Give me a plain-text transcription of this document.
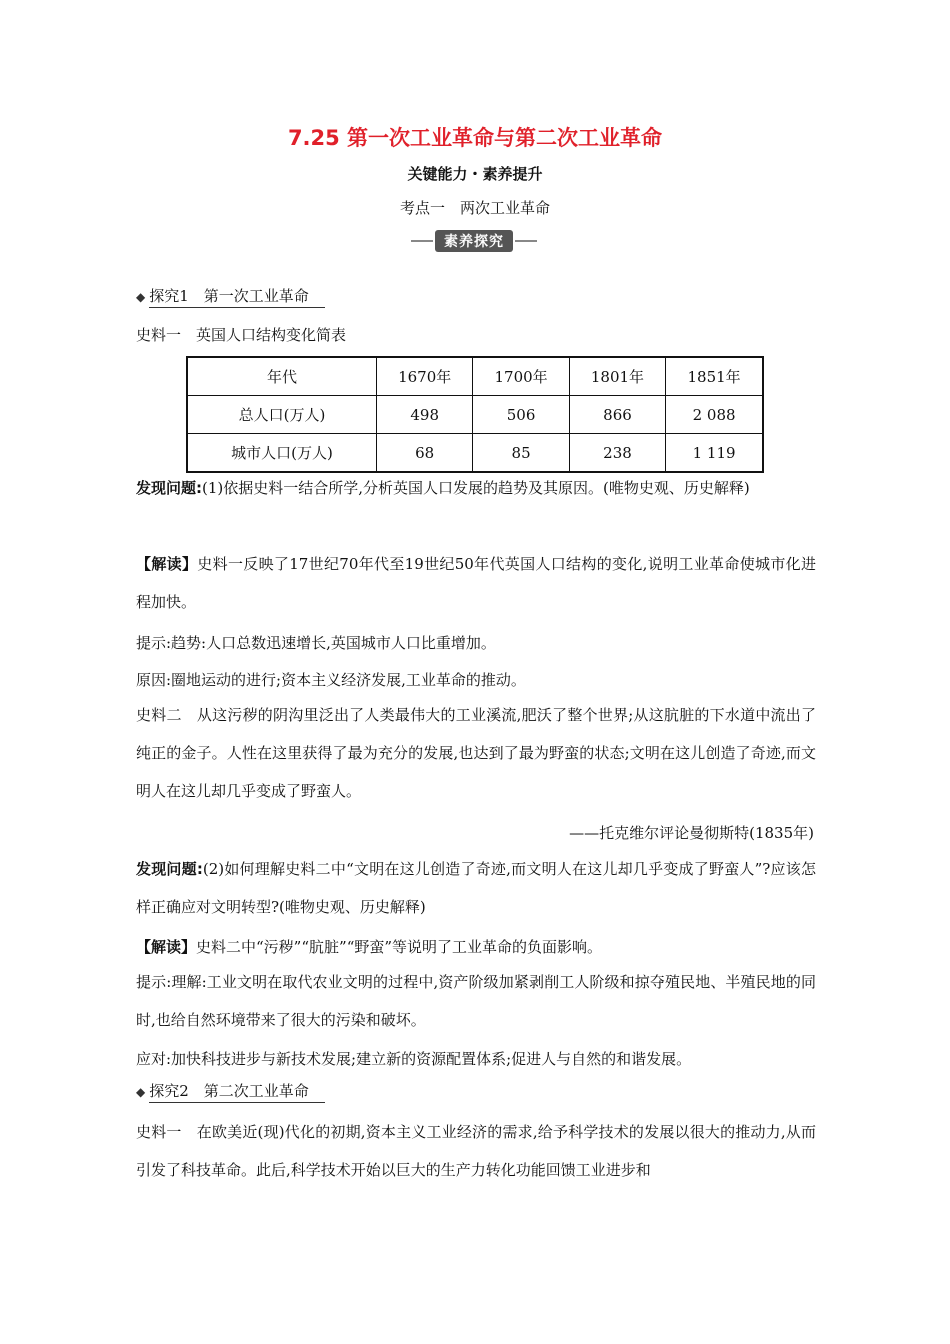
7.25 第一次工业革命与第二次工业革命
关键能力・素养提升
考点一　两次工业革命
素养探究
◆ 探究1　第一次工业革命
史料一　英国人口结构变化简表
年代	1670年	1700年	1801年	1851年
总人口(万人)	498	506	866	2 088
城市人口(万人)	68	85	238	1 119
发现问题:(1)依据史料一结合所学,分析英国人口发展的趋势及其原因。(唯物史观、历史解释)
【解读】史料一反映了17世纪70年代至19世纪50年代英国人口结构的变化,说明工业革命使城市化进程加快。
提示:趋势:人口总数迅速增长,英国城市人口比重增加。
原因:圈地运动的进行;资本主义经济发展,工业革命的推动。
史料二　从这污秽的阴沟里泛出了人类最伟大的工业溪流,肥沃了整个世界;从这肮脏的下水道中流出了纯正的金子。人性在这里获得了最为充分的发展,也达到了最为野蛮的状态;文明在这儿创造了奇迹,而文明人在这儿却几乎变成了野蛮人。
——托克维尔评论曼彻斯特(1835年)
发现问题:(2)如何理解史料二中“文明在这儿创造了奇迹,而文明人在这儿却几乎变成了野蛮人”?应该怎样正确应对文明转型?(唯物史观、历史解释)
【解读】史料二中“污秽”“肮脏”“野蛮”等说明了工业革命的负面影响。
提示:理解:工业文明在取代农业文明的过程中,资产阶级加紧剥削工人阶级和掠夺殖民地、半殖民地的同时,也给自然环境带来了很大的污染和破坏。
应对:加快科技进步与新技术发展;建立新的资源配置体系;促进人与自然的和谐发展。
◆ 探究2　第二次工业革命
史料一　在欧美近(现)代化的初期,资本主义工业经济的需求,给予科学技术的发展以很大的推动力,从而引发了科技革命。此后,科学技术开始以巨大的生产力转化功能回馈工业进步和
